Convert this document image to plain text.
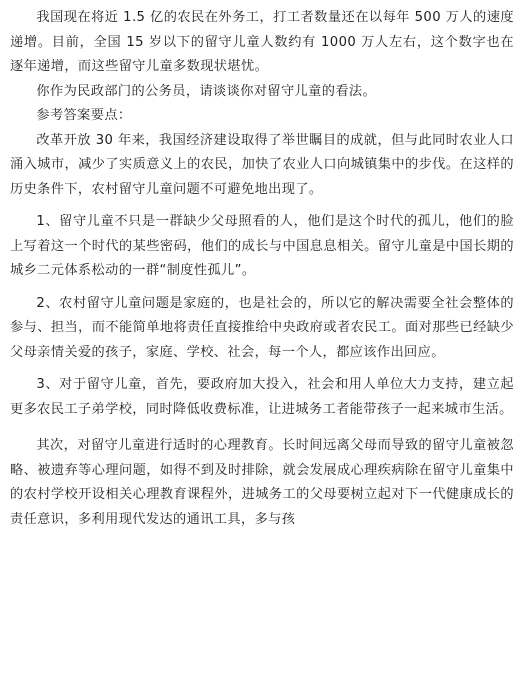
我国现在将近 1.5 亿的农民在外务工，打工者数量还在以每年 500 万人的速度递增。目前，全国 15 岁以下的留守儿童人数约有 1000 万人左右，这个数字也在逐年递增，而这些留守儿童多数现状堪忧。

你作为民政部门的公务员，请谈谈你对留守儿童的看法。

参考答案要点：

改革开放 30 年来，我国经济建设取得了举世瞩目的成就，但与此同时农业人口涌入城市，减少了实质意义上的农民，加快了农业人口向城镇集中的步伐。在这样的历史条件下，农村留守儿童问题不可避免地出现了。

1、留守儿童不只是一群缺少父母照看的人，他们是这个时代的孤儿，他们的脸上写着这一个时代的某些密码，他们的成长与中国息息相关。留守儿童是中国长期的城乡二元体系松动的一群“制度性孤儿”。

2、农村留守儿童问题是家庭的，也是社会的，所以它的解决需要全社会整体的参与、担当，而不能简单地将责任直接推给中央政府或者农民工。面对那些已经缺少父母亲情关爱的孩子，家庭、学校、社会，每一个人，都应该作出回应。

3、对于留守儿童，首先，要政府加大投入，社会和用人单位大力支持，建立起更多农民工子弟学校，同时降低收费标准，让进城务工者能带孩子一起来城市生活。

其次，对留守儿童进行适时的心理教育。长时间远离父母而导致的留守儿童被忽略、被遗弃等心理问题，如得不到及时排除，就会发展成心理疾病除在留守儿童集中的农村学校开设相关心理教育课程外，进城务工的父母要树立起对下一代健康成长的责任意识，多利用现代发达的通讯工具，多与孩
